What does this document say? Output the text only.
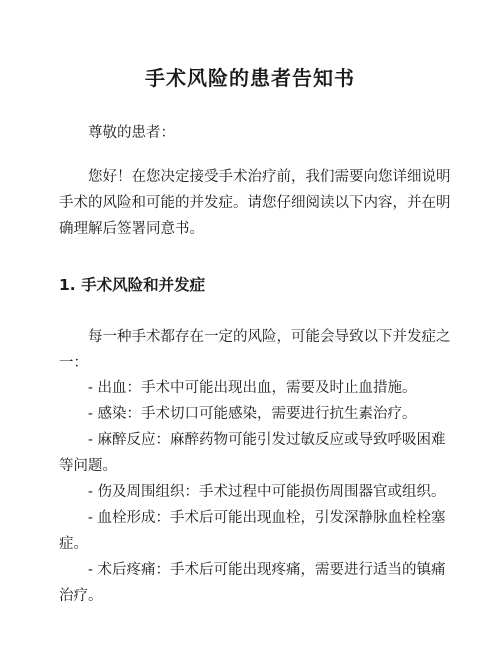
手术风险的患者告知书

尊敬的患者：

您好！在您决定接受手术治疗前，我们需要向您详细说明手术的风险和可能的并发症。请您仔细阅读以下内容，并在明确理解后签署同意书。

1. 手术风险和并发症

每一种手术都存在一定的风险，可能会导致以下并发症之一：

- 出血：手术中可能出现出血，需要及时止血措施。
- 感染：手术切口可能感染，需要进行抗生素治疗。
- 麻醉反应：麻醉药物可能引发过敏反应或导致呼吸困难等问题。
- 伤及周围组织：手术过程中可能损伤周围器官或组织。
- 血栓形成：手术后可能出现血栓，引发深静脉血栓栓塞症。
- 术后疼痛：手术后可能出现疼痛，需要进行适当的镇痛治疗。
